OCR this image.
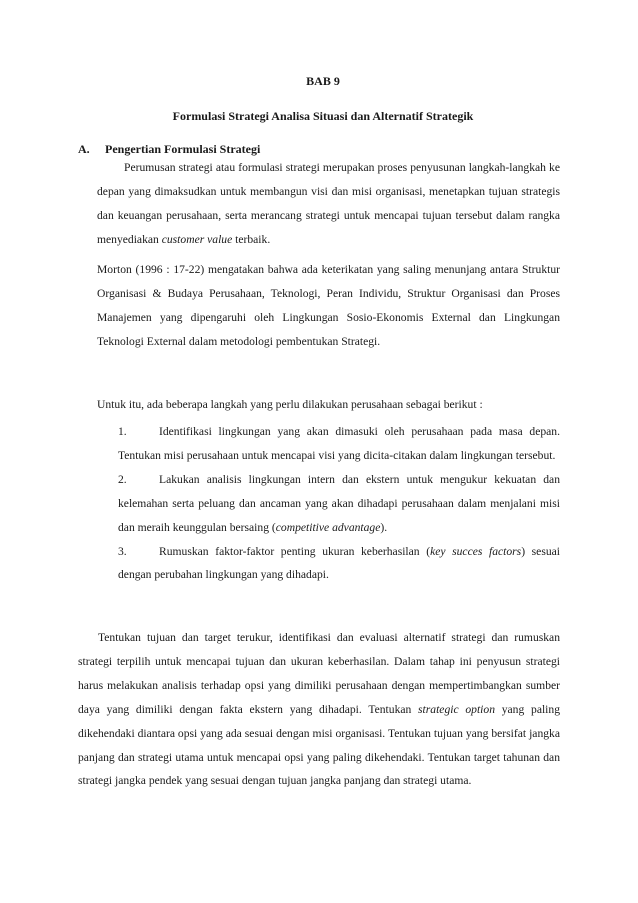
BAB 9
Formulasi Strategi Analisa Situasi dan Alternatif Strategik
A. Pengertian Formulasi Strategi
Perumusan strategi atau formulasi strategi merupakan proses penyusunan langkah-langkah ke depan yang dimaksudkan untuk membangun visi dan misi organisasi, menetapkan tujuan strategis dan keuangan perusahaan, serta merancang strategi untuk mencapai tujuan tersebut dalam rangka menyediakan customer value terbaik.
Morton (1996 : 17-22) mengatakan bahwa ada keterikatan yang saling menunjang antara Struktur Organisasi & Budaya Perusahaan, Teknologi, Peran Individu, Struktur Organisasi dan Proses Manajemen yang dipengaruhi oleh Lingkungan Sosio-Ekonomis External dan Lingkungan Teknologi External dalam metodologi pembentukan Strategi.
Untuk itu, ada beberapa langkah yang perlu dilakukan perusahaan sebagai berikut :
1.	Identifikasi lingkungan yang akan dimasuki oleh perusahaan pada masa depan. Tentukan misi perusahaan untuk mencapai visi yang dicita-citakan dalam lingkungan tersebut.
2.	Lakukan analisis lingkungan intern dan ekstern untuk mengukur kekuatan dan kelemahan serta peluang dan ancaman yang akan dihadapi perusahaan dalam menjalani misi dan meraih keunggulan bersaing (competitive advantage).
3.	Rumuskan faktor-faktor penting ukuran keberhasilan (key succes factors) sesuai dengan perubahan lingkungan yang dihadapi.
Tentukan tujuan dan target terukur, identifikasi dan evaluasi alternatif strategi dan rumuskan strategi terpilih untuk mencapai tujuan dan ukuran keberhasilan. Dalam tahap ini penyusun strategi harus melakukan analisis terhadap opsi yang dimiliki perusahaan dengan mempertimbangkan sumber daya yang dimiliki dengan fakta ekstern yang dihadapi. Tentukan strategic option yang paling dikehendaki diantara opsi yang ada sesuai dengan misi organisasi. Tentukan tujuan yang bersifat jangka panjang dan strategi utama untuk mencapai opsi yang paling dikehendaki. Tentukan target tahunan dan strategi jangka pendek yang sesuai dengan tujuan jangka panjang dan strategi utama.
